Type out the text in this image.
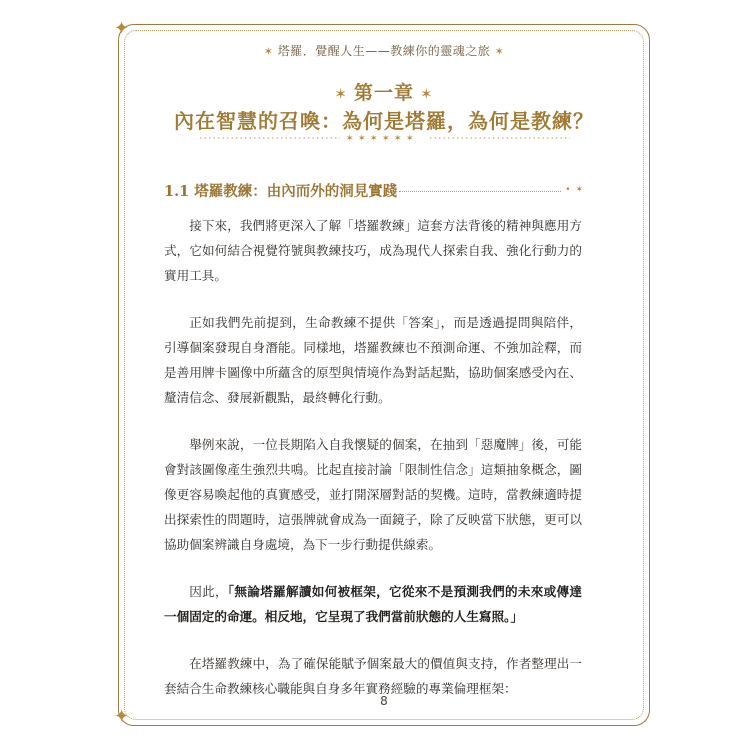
✦
✦
✶ 塔羅．覺醒人生——教練你的靈魂之旅 ✶
✶ 第一章 ✶
內在智慧的召喚：為何是塔羅，為何是教練？
✶ ✶ ✶ ✶ ✶ ✶
1.1 塔羅教練：由內而外的洞見實踐	• ✶

接下來，我們將更深入了解「塔羅教練」這套方法背後的精神與應用方式，它如何結合視覺符號與教練技巧，成為現代人探索自我、強化行動力的實用工具。

正如我們先前提到，生命教練不提供「答案」，而是透過提問與陪伴，引導個案發現自身潛能。同樣地，塔羅教練也不預測命運、不強加詮釋，而是善用牌卡圖像中所蘊含的原型與情境作為對話起點，協助個案感受內在、釐清信念、發展新觀點，最終轉化行動。

舉例來說，一位長期陷入自我懷疑的個案，在抽到「惡魔牌」後，可能會對該圖像產生強烈共鳴。比起直接討論「限制性信念」這類抽象概念，圖像更容易喚起他的真實感受，並打開深層對話的契機。這時，當教練適時提出探索性的問題時，這張牌就會成為一面鏡子，除了反映當下狀態，更可以協助個案辨識自身處境，為下一步行動提供線索。

因此，「無論塔羅解讀如何被框架，它從來不是預測我們的未來或傳達一個固定的命運。相反地，它呈現了我們當前狀態的人生寫照。」

在塔羅教練中，為了確保能賦予個案最大的價值與支持，作者整理出一套結合生命教練核心職能與自身多年實務經驗的專業倫理框架：

8
